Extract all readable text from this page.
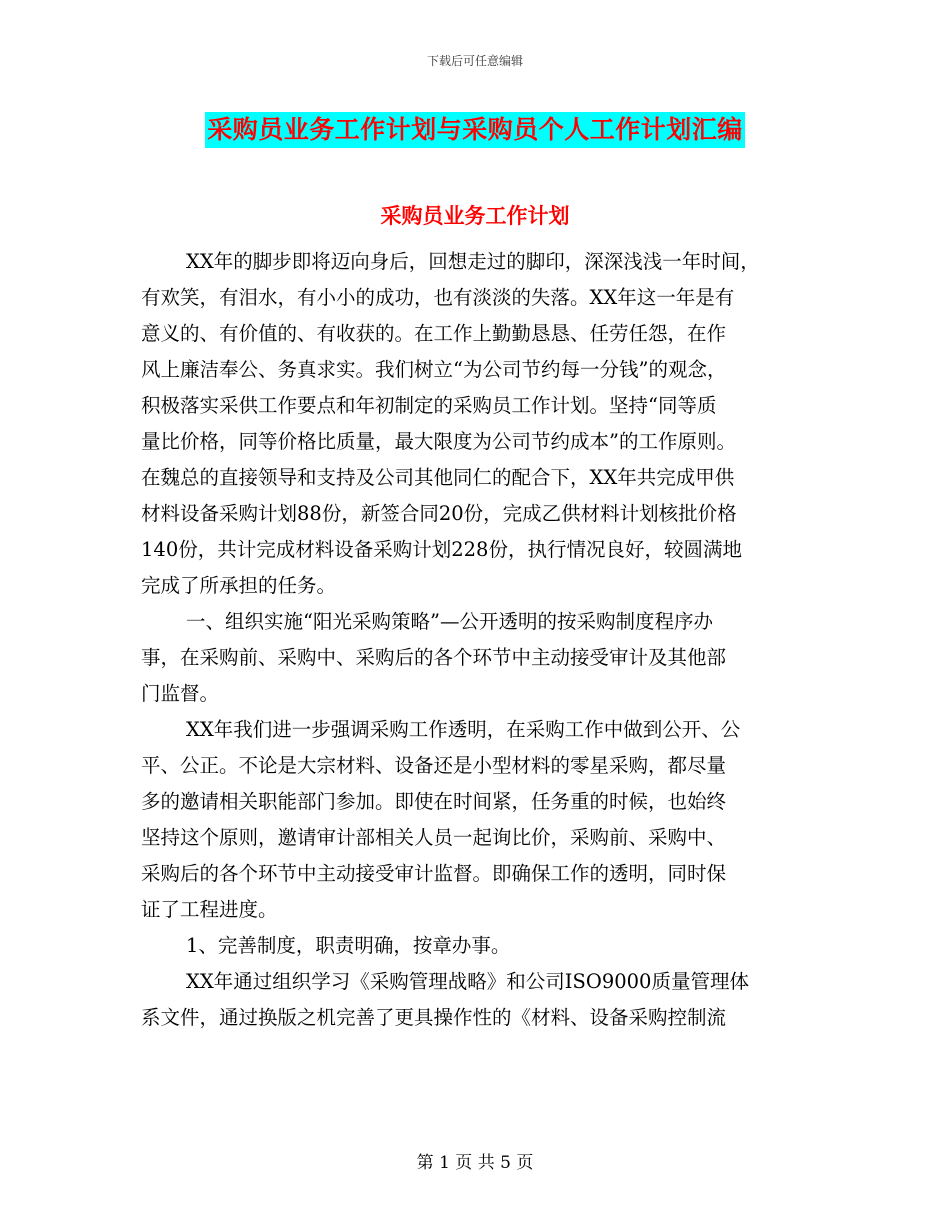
下载后可任意编辑
采购员业务工作计划与采购员个人工作计划汇编
采购员业务工作计划
XX年的脚步即将迈向身后，回想走过的脚印，深深浅浅一年时间，
有欢笑，有泪水，有小小的成功，也有淡淡的失落。XX年这一年是有
意义的、有价值的、有收获的。在工作上勤勤恳恳、任劳任怨，在作
风上廉洁奉公、务真求实。我们树立“为公司节约每一分钱”的观念，
积极落实采供工作要点和年初制定的采购员工作计划。坚持“同等质
量比价格，同等价格比质量，最大限度为公司节约成本”的工作原则。
在魏总的直接领导和支持及公司其他同仁的配合下，XX年共完成甲供
材料设备采购计划88份，新签合同20份，完成乙供材料计划核批价格
140份，共计完成材料设备采购计划228份，执行情况良好，较圆满地
完成了所承担的任务。
一、组织实施“阳光采购策略”—公开透明的按采购制度程序办
事，在采购前、采购中、采购后的各个环节中主动接受审计及其他部
门监督。
XX年我们进一步强调采购工作透明，在采购工作中做到公开、公
平、公正。不论是大宗材料、设备还是小型材料的零星采购，都尽量
多的邀请相关职能部门参加。即使在时间紧，任务重的时候，也始终
坚持这个原则，邀请审计部相关人员一起询比价，采购前、采购中、
采购后的各个环节中主动接受审计监督。即确保工作的透明，同时保
证了工程进度。
1、完善制度，职责明确，按章办事。
XX年通过组织学习《采购管理战略》和公司ISO9000质量管理体
系文件，通过换版之机完善了更具操作性的《材料、设备采购控制流
第 1 页 共 5 页
